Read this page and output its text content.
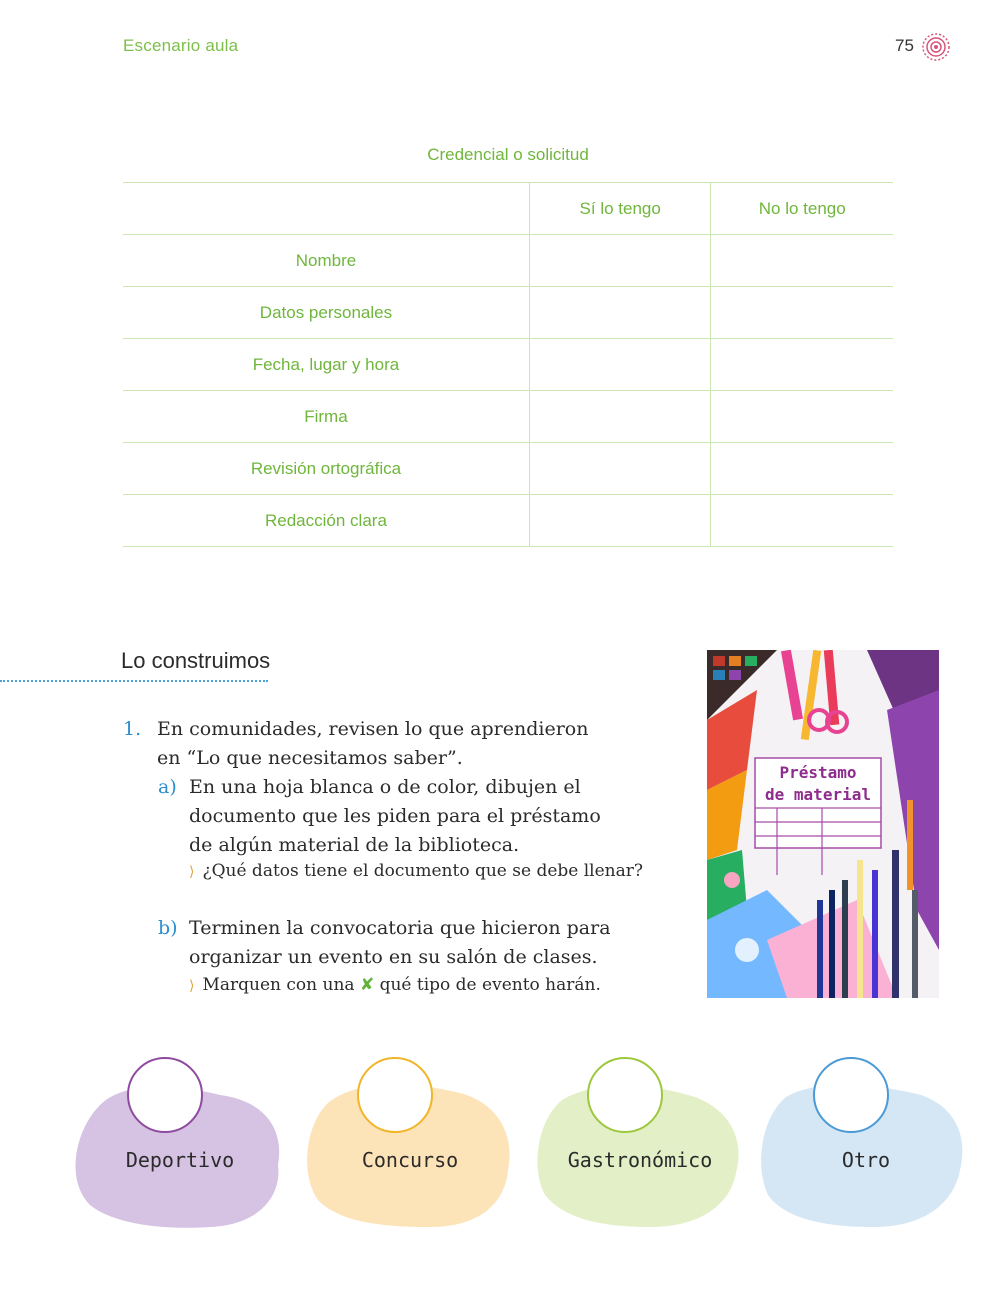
Escenario aula	75
Credencial o solicitud
	Sí lo tengo	No lo tengo
Nombre		
Datos personales		
Fecha, lugar y hora		
Firma		
Revisión ortográfica		
Redacción clara		
Lo construimos
1. En comunidades, revisen lo que aprendieron
en “Lo que necesitamos saber”.
a) En una hoja blanca o de color, dibujen el
documento que les piden para el préstamo
de algún material de la biblioteca.
⟩ ¿Qué datos tiene el documento que se debe llenar?
b) Terminen la convocatoria que hicieron para
organizar un evento en su salón de clases.
⟩ Marquen con una ✘ qué tipo de evento harán.
Préstamo
de material
Deportivo	Concurso	Gastronómico	Otro
